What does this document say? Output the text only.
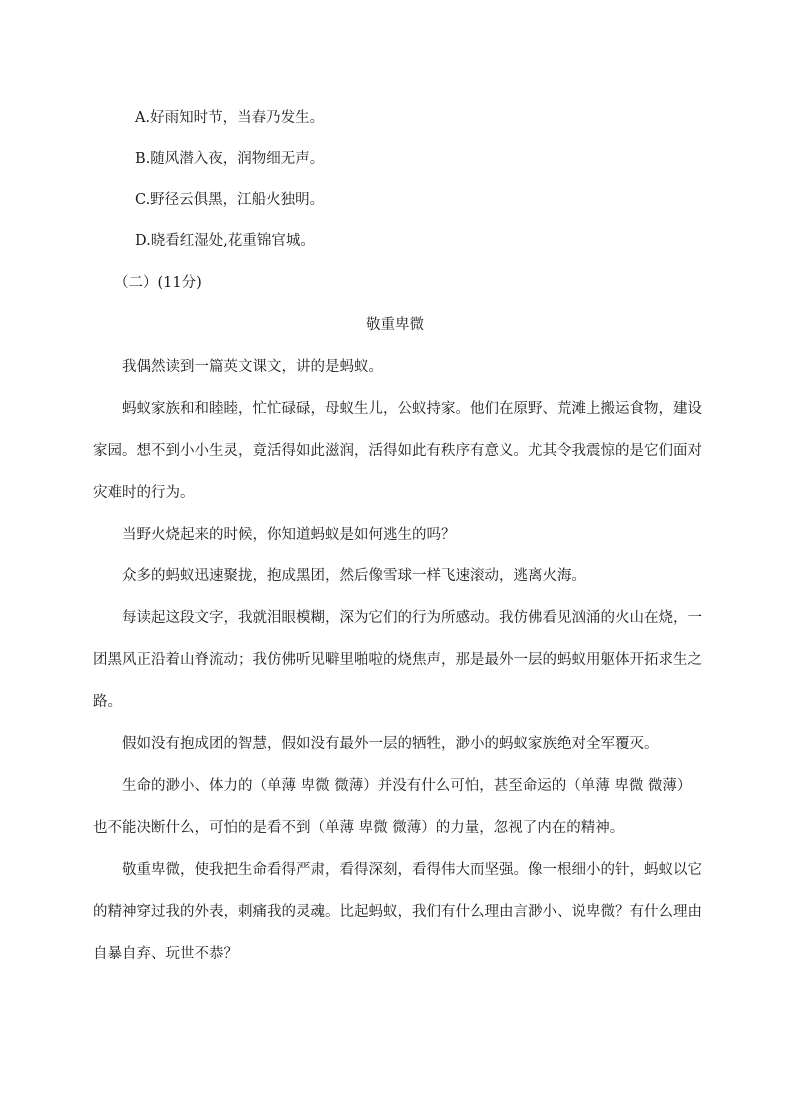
A.好雨知时节，当春乃发生。
B.随风潜入夜，润物细无声。
C.野径云俱黑，江船火独明。
D.晓看红湿处,花重锦官城。
（二）(11分)
敬重卑微
我偶然读到一篇英文课文，讲的是蚂蚁。
蚂蚁家族和和睦睦，忙忙碌碌，母蚁生儿，公蚁持家。他们在原野、荒滩上搬运食物，建设
家园。想不到小小生灵，竟活得如此滋润，活得如此有秩序有意义。尤其令我震惊的是它们面对
灾难时的行为。
当野火烧起来的时候，你知道蚂蚁是如何逃生的吗？
众多的蚂蚁迅速聚拢，抱成黑团，然后像雪球一样飞速滚动，逃离火海。
每读起这段文字，我就泪眼模糊，深为它们的行为所感动。我仿佛看见汹涌的火山在烧，一
团黑风正沿着山脊流动；我仿佛听见噼里啪啦的烧焦声，那是最外一层的蚂蚁用躯体开拓求生之
路。
假如没有抱成团的智慧，假如没有最外一层的牺牲，渺小的蚂蚁家族绝对全军覆灭。
生命的渺小、体力的（单薄 卑微 微薄）并没有什么可怕，甚至命运的（单薄 卑微 微薄）
也不能决断什么，可怕的是看不到（单薄 卑微 微薄）的力量，忽视了内在的精神。
敬重卑微，使我把生命看得严肃，看得深刻，看得伟大而坚强。像一根细小的针，蚂蚁以它
的精神穿过我的外表，刺痛我的灵魂。比起蚂蚁，我们有什么理由言渺小、说卑微？有什么理由
自暴自弃、玩世不恭？
